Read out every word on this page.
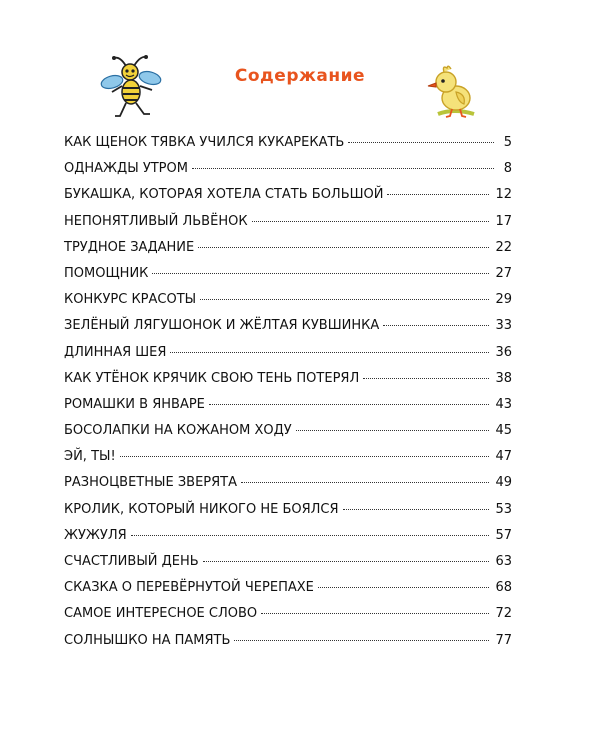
Содержание
КАК ЩЕНОК ТЯВКА УЧИЛСЯ КУКАРЕКАТЬ	5
ОДНАЖДЫ УТРОМ	8
БУКАШКА, КОТОРАЯ ХОТЕЛА СТАТЬ БОЛЬШОЙ	12
НЕПОНЯТЛИВЫЙ ЛЬВЁНОК	17
ТРУДНОЕ ЗАДАНИЕ	22
ПОМОЩНИК	27
КОНКУРС КРАСОТЫ	29
ЗЕЛЁНЫЙ ЛЯГУШОНОК И ЖЁЛТАЯ КУВШИНКА	33
ДЛИННАЯ ШЕЯ	36
КАК УТЁНОК КРЯЧИК СВОЮ ТЕНЬ ПОТЕРЯЛ	38
РОМАШКИ В ЯНВАРЕ	43
БОСОЛАПКИ НА КОЖАНОМ ХОДУ	45
ЭЙ, ТЫ!	47
РАЗНОЦВЕТНЫЕ ЗВЕРЯТА	49
КРОЛИК, КОТОРЫЙ НИКОГО НЕ БОЯЛСЯ	53
ЖУЖУЛЯ	57
СЧАСТЛИВЫЙ ДЕНЬ	63
СКАЗКА О ПЕРЕВЁРНУТОЙ ЧЕРЕПАХЕ	68
САМОЕ ИНТЕРЕСНОЕ СЛОВО	72
СОЛНЫШКО НА ПАМЯТЬ	77
